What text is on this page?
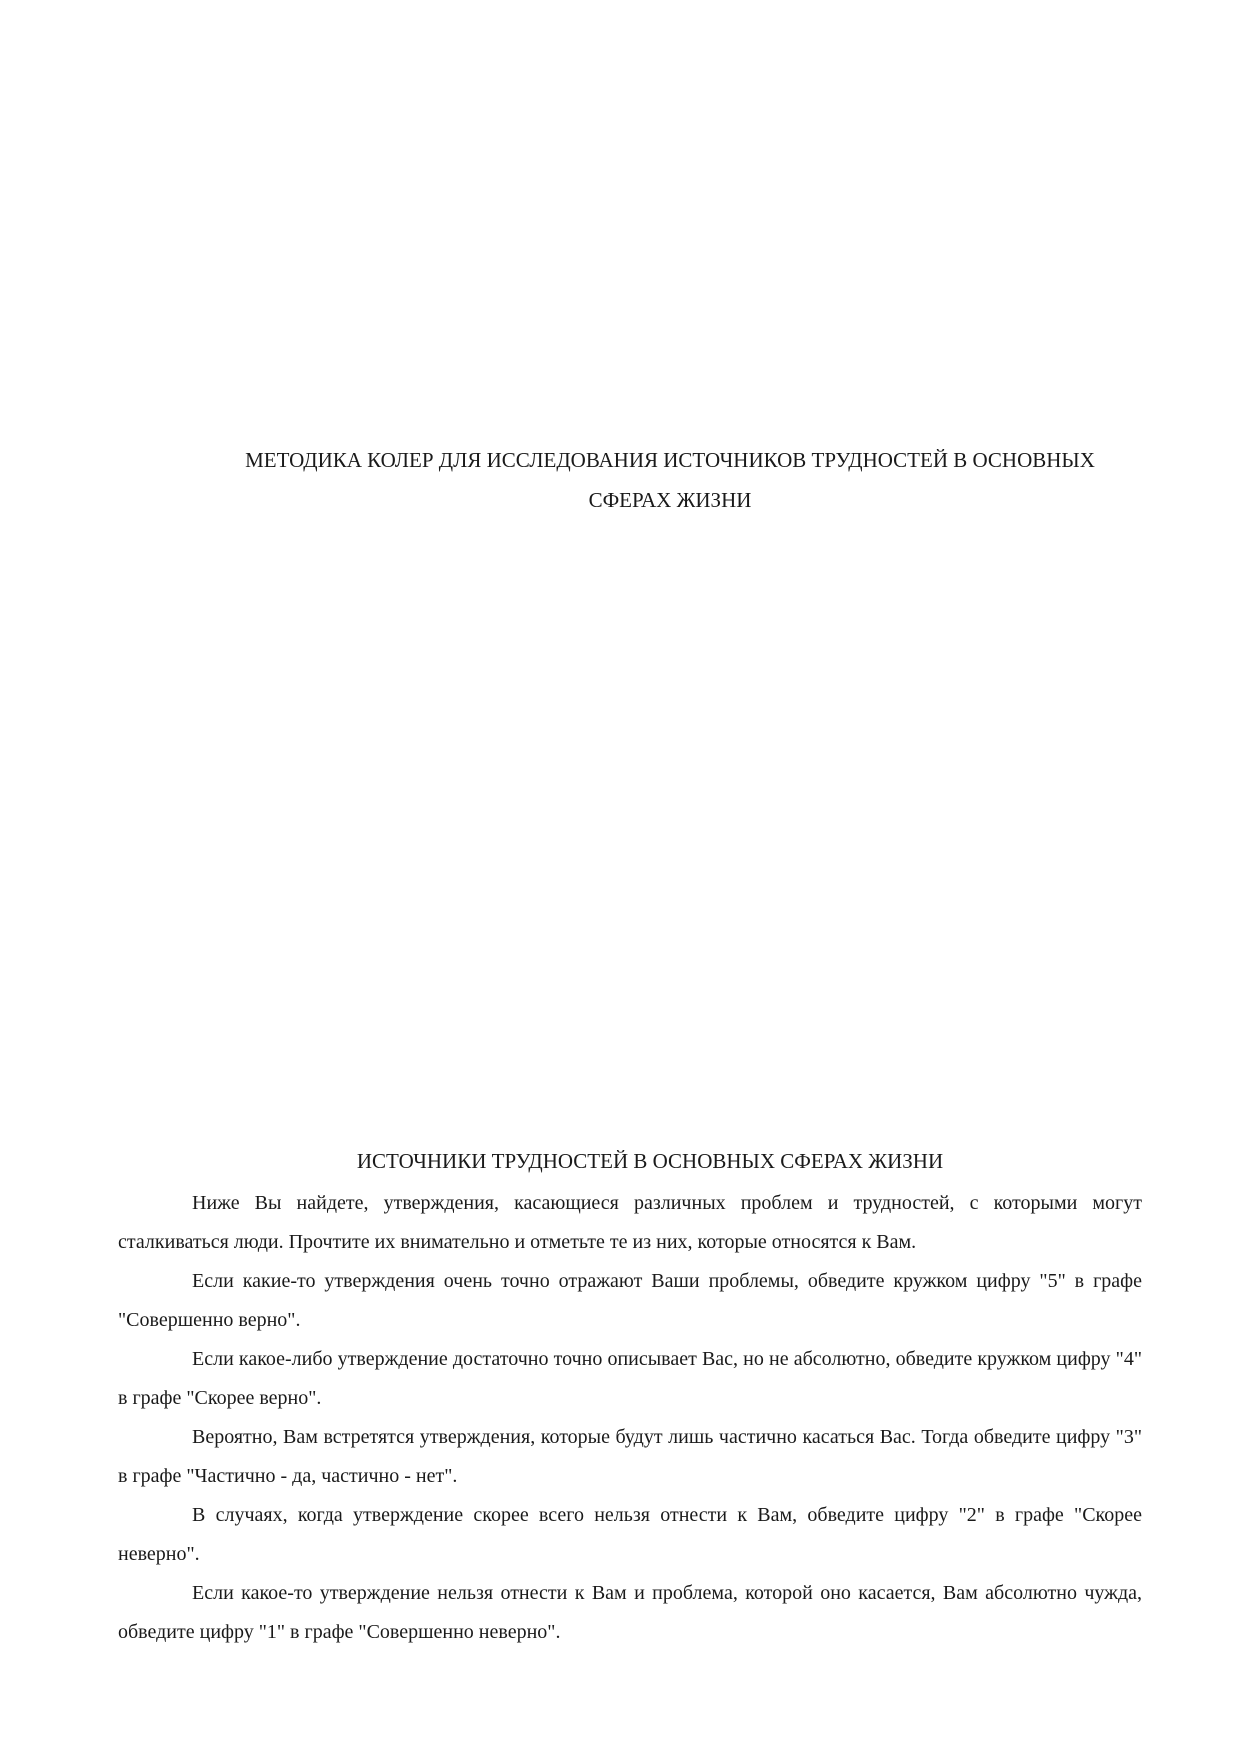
МЕТОДИКА КОЛЕР ДЛЯ ИССЛЕДОВАНИЯ ИСТОЧНИКОВ ТРУДНОСТЕЙ В ОСНОВНЫХ
СФЕРАХ ЖИЗНИ
ИСТОЧНИКИ ТРУДНОСТЕЙ В ОСНОВНЫХ СФЕРАХ ЖИЗНИ

Ниже Вы найдете, утверждения, касающиеся различных проблем и трудностей, с которыми могут сталкиваться люди. Прочтите их внимательно и отметьте те из них, которые относятся к Вам.

Если какие-то утверждения очень точно отражают Ваши проблемы, обведите кружком цифру "5" в графе "Совершенно верно".

Если какое-либо утверждение достаточно точно описывает Вас, но не абсолютно, обведите кружком цифру "4" в графе "Скорее верно".

Вероятно, Вам встретятся утверждения, которые будут лишь частично касаться Вас. Тогда обведите цифру "3" в графе "Частично - да, частично - нет".

В случаях, когда утверждение скорее всего нельзя отнести к Вам, обведите цифру "2" в графе "Скорее неверно".

Если какое-то утверждение нельзя отнести к Вам и проблема, которой оно касается, Вам абсолютно чужда, обведите цифру "1" в графе "Совершенно неверно".
